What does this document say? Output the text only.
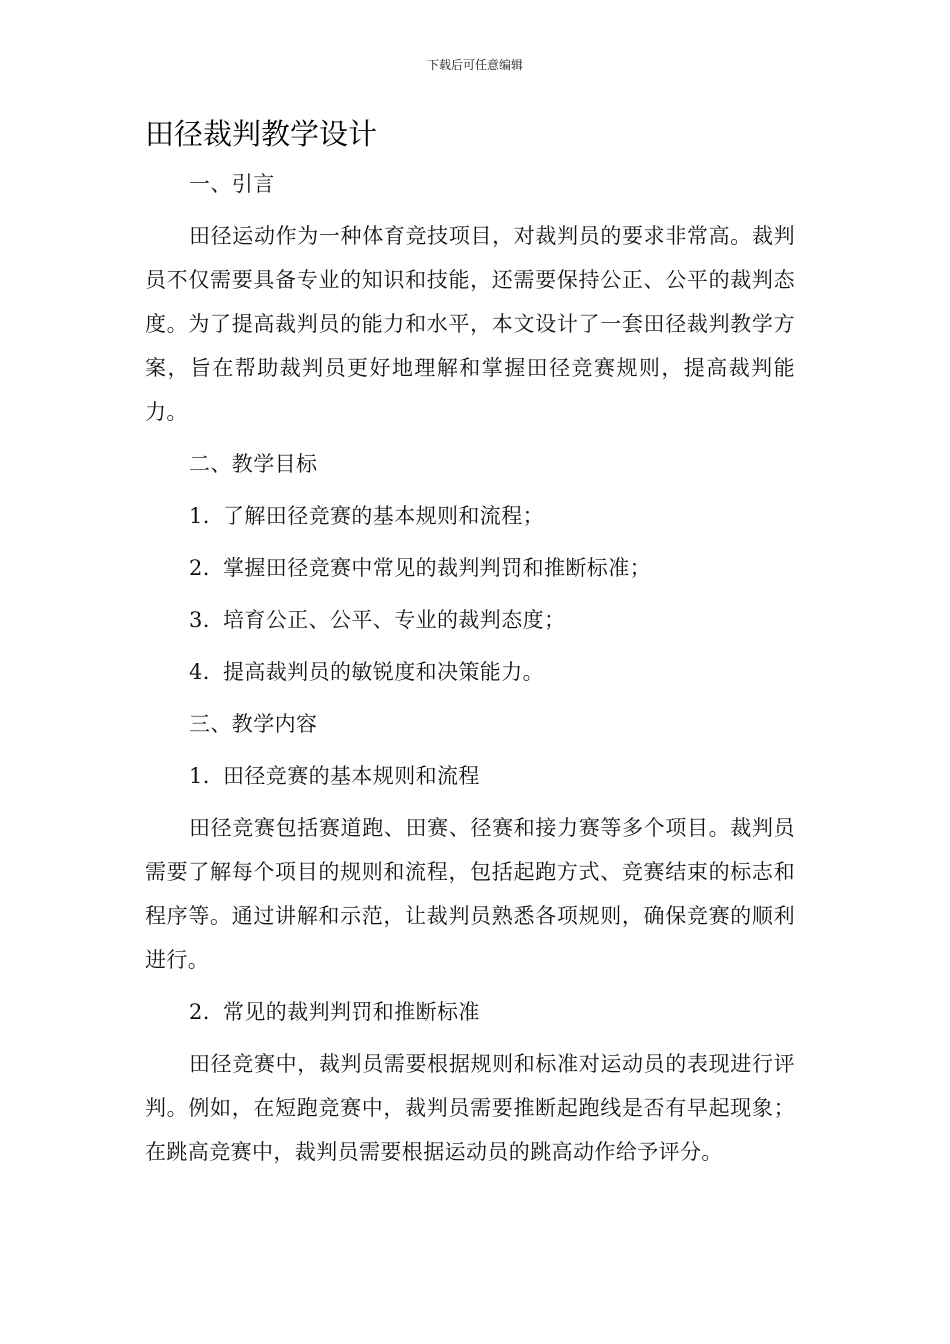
下载后可任意编辑
田径裁判教学设计

一、引言

田径运动作为一种体育竞技项目，对裁判员的要求非常高。裁判员不仅需要具备专业的知识和技能，还需要保持公正、公平的裁判态度。为了提高裁判员的能力和水平，本文设计了一套田径裁判教学方案，旨在帮助裁判员更好地理解和掌握田径竞赛规则，提高裁判能力。

二、教学目标

1. 了解田径竞赛的基本规则和流程；

2. 掌握田径竞赛中常见的裁判判罚和推断标准；

3. 培育公正、公平、专业的裁判态度；

4. 提高裁判员的敏锐度和决策能力。

三、教学内容

1. 田径竞赛的基本规则和流程

田径竞赛包括赛道跑、田赛、径赛和接力赛等多个项目。裁判员需要了解每个项目的规则和流程，包括起跑方式、竞赛结束的标志和程序等。通过讲解和示范，让裁判员熟悉各项规则，确保竞赛的顺利进行。

2. 常见的裁判判罚和推断标准

田径竞赛中，裁判员需要根据规则和标准对运动员的表现进行评判。例如，在短跑竞赛中，裁判员需要推断起跑线是否有早起现象；在跳高竞赛中，裁判员需要根据运动员的跳高动作给予评分。
